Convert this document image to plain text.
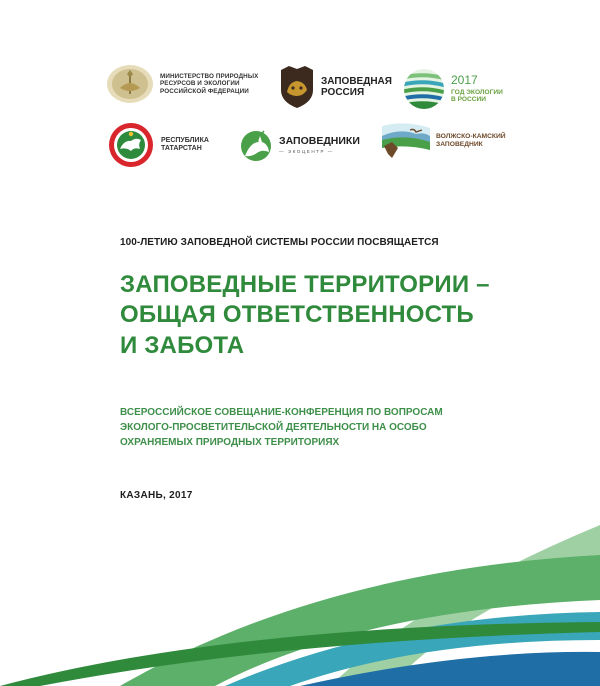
МИНИСТЕРСТВО ПРИРОДНЫХ
РЕСУРСОВ И ЭКОЛОГИИ
РОССИЙСКОЙ ФЕДЕРАЦИИ
ЗАПОВЕДНАЯ
РОССИЯ
2017
ГОД ЭКОЛОГИИ
В РОССИИ
РЕСПУБЛИКА
ТАТАРСТАН
ЗАПОВЕДНИКИ
— ЭКОЦЕНТР —
ВОЛЖСКО-КАМСКИЙ
ЗАПОВЕДНИК
100-ЛЕТИЮ ЗАПОВЕДНОЙ СИСТЕМЫ РОССИИ ПОСВЯЩАЕТСЯ
ЗАПОВЕДНЫЕ ТЕРРИТОРИИ –
ОБЩАЯ ОТВЕТСТВЕННОСТЬ
И ЗАБОТА
ВСЕРОССИЙСКОЕ СОВЕЩАНИЕ-КОНФЕРЕНЦИЯ ПО ВОПРОСАМ
ЭКОЛОГО-ПРОСВЕТИТЕЛЬСКОЙ ДЕЯТЕЛЬНОСТИ НА ОСОБО
ОХРАНЯЕМЫХ ПРИРОДНЫХ ТЕРРИТОРИЯХ
КАЗАНЬ, 2017
